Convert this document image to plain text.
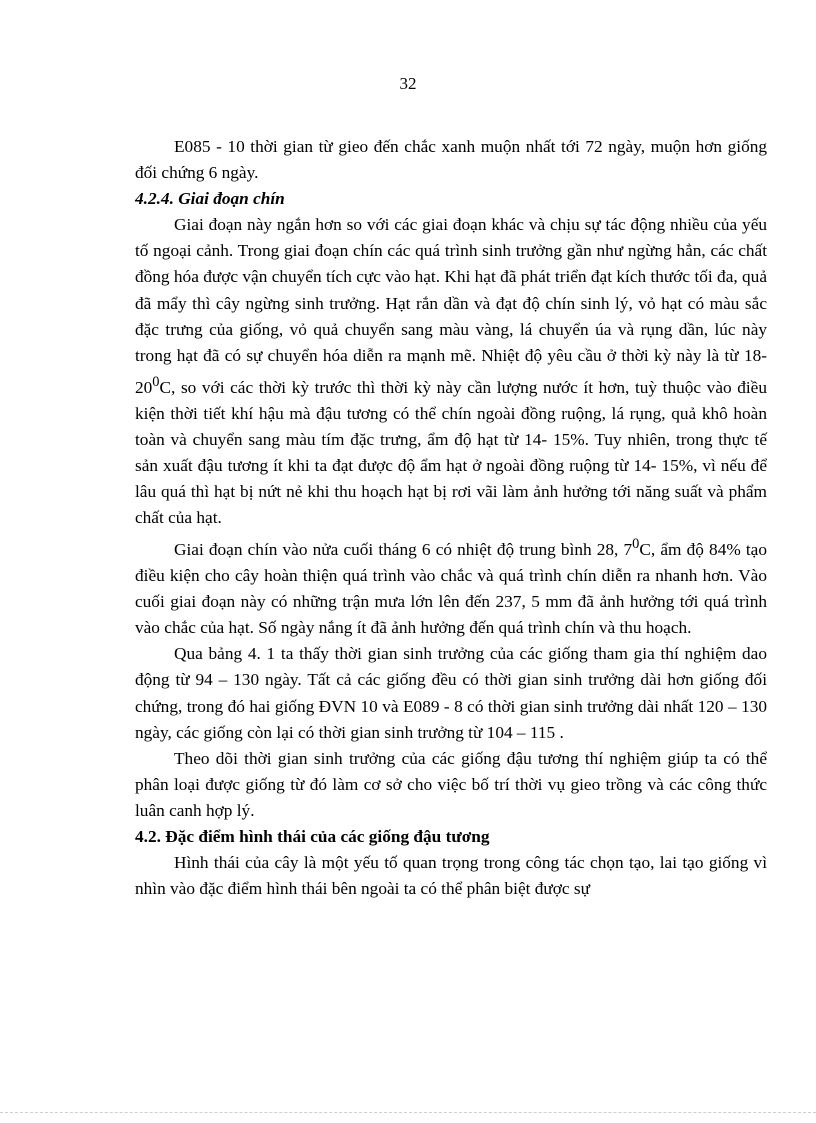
32

E085 - 10 thời gian từ gieo đến chắc xanh muộn nhất tới 72 ngày, muộn hơn giống đối chứng 6 ngày.

4.2.4. Giai đoạn chín

Giai đoạn này ngắn hơn so với các giai đoạn khác và chịu sự tác động nhiều của yếu tố ngoại cảnh. Trong giai đoạn chín các quá trình sinh trưởng gần như ngừng hẳn, các chất đồng hóa được vận chuyển tích cực vào hạt. Khi hạt đã phát triển đạt kích thước tối đa, quả đã mẩy thì cây ngừng sinh trưởng. Hạt rắn dần và đạt độ chín sinh lý, vỏ hạt có màu sắc đặc trưng của giống, vỏ quả chuyển sang màu vàng, lá chuyển úa và rụng dần, lúc này trong hạt đã có sự chuyển hóa diễn ra mạnh mẽ. Nhiệt độ yêu cầu ở thời kỳ này là từ 18- $20^0C$, so với các thời kỳ trước thì thời kỳ này cần lượng nước ít hơn, tuỳ thuộc vào điều kiện thời tiết khí hậu mà đậu tương có thể chín ngoài đồng ruộng, lá rụng, quả khô hoàn toàn và chuyển sang màu tím đặc trưng, ẩm độ hạt từ 14- 15%. Tuy nhiên, trong thực tế sản xuất đậu tương ít khi ta đạt được độ ẩm hạt ở ngoài đồng ruộng từ 14- 15%, vì nếu để lâu quá thì hạt bị nứt nẻ khi thu hoạch hạt bị rơi vãi làm ảnh hưởng tới năng suất và phẩm chất của hạt.

Giai đoạn chín vào nửa cuối tháng 6 có nhiệt độ trung bình 28, $7^0C$, ẩm độ 84% tạo điều kiện cho cây hoàn thiện quá trình vào chắc và quá trình chín diễn ra nhanh hơn. Vào cuối giai đoạn này có những trận mưa lớn lên đến 237, 5 mm đã ảnh hưởng tới quá trình vào chắc của hạt. Số ngày nắng ít đã ảnh hưởng đến quá trình chín và thu hoạch.

Qua bảng 4. 1 ta thấy thời gian sinh trưởng của các giống tham gia thí nghiệm dao động từ 94 – 130 ngày. Tất cả các giống đều có thời gian sinh trưởng dài hơn giống đối chứng, trong đó hai giống ĐVN 10 và E089 - 8 có thời gian sinh trưởng dài nhất 120 – 130 ngày, các giống còn lại có thời gian sinh trưởng từ 104 – 115 .

Theo dõi thời gian sinh trưởng của các giống đậu tương thí nghiệm giúp ta có thể phân loại được giống từ đó làm cơ sở cho việc bố trí thời vụ gieo trồng và các công thức luân canh hợp lý.

4.2. Đặc điểm hình thái của các giống đậu tương

Hình thái của cây là một yếu tố quan trọng trong công tác chọn tạo, lai tạo giống vì nhìn vào đặc điểm hình thái bên ngoài ta có thể phân biệt được sự
